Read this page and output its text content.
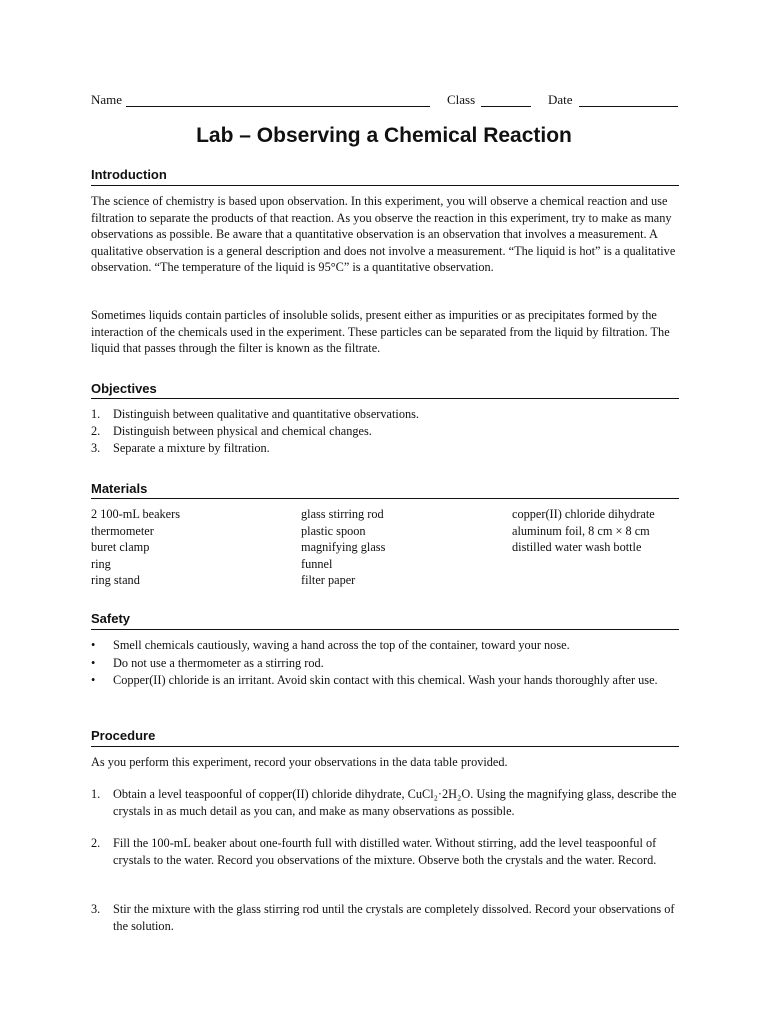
Name	Class	Date
Lab – Observing a Chemical Reaction
Introduction

The science of chemistry is based upon observation. In this experiment, you will observe a chemical reaction and use filtration to separate the products of that reaction. As you observe the reaction in this experiment, try to make as many observations as possible. Be aware that a quantitative observation is an observation that involves a measurement. A qualitative observation is a general description and does not involve a measurement. “The liquid is hot” is a qualitative observation. “The temperature of the liquid is 95°C” is a quantitative observation.

Sometimes liquids contain particles of insoluble solids, present either as impurities or as precipitates formed by the interaction of the chemicals used in the experiment. These particles can be separated from the liquid by filtration. The liquid that passes through the filter is known as the filtrate.

Objectives
1. Distinguish between qualitative and quantitative observations.
2. Distinguish between physical and chemical changes.
3. Separate a mixture by filtration.
Materials
2 100-mL beakers
thermometer
buret clamp
ring
ring stand
glass stirring rod
plastic spoon
magnifying glass
funnel
filter paper
copper(II) chloride dihydrate
aluminum foil, 8 cm × 8 cm
distilled water wash bottle
Safety
• Smell chemicals cautiously, waving a hand across the top of the container, toward your nose.
• Do not use a thermometer as a stirring rod.
• Copper(II) chloride is an irritant. Avoid skin contact with this chemical. Wash your hands thoroughly after use.
Procedure

As you perform this experiment, record your observations in the data table provided.

1. Obtain a level teaspoonful of copper(II) chloride dihydrate, CuCl₂·2H₂O. Using the magnifying glass, describe the crystals in as much detail as you can, and make as many observations as possible.
2. Fill the 100-mL beaker about one-fourth full with distilled water. Without stirring, add the level teaspoonful of crystals to the water. Record you observations of the mixture. Observe both the crystals and the water. Record.
3. Stir the mixture with the glass stirring rod until the crystals are completely dissolved. Record your observations of the solution.
